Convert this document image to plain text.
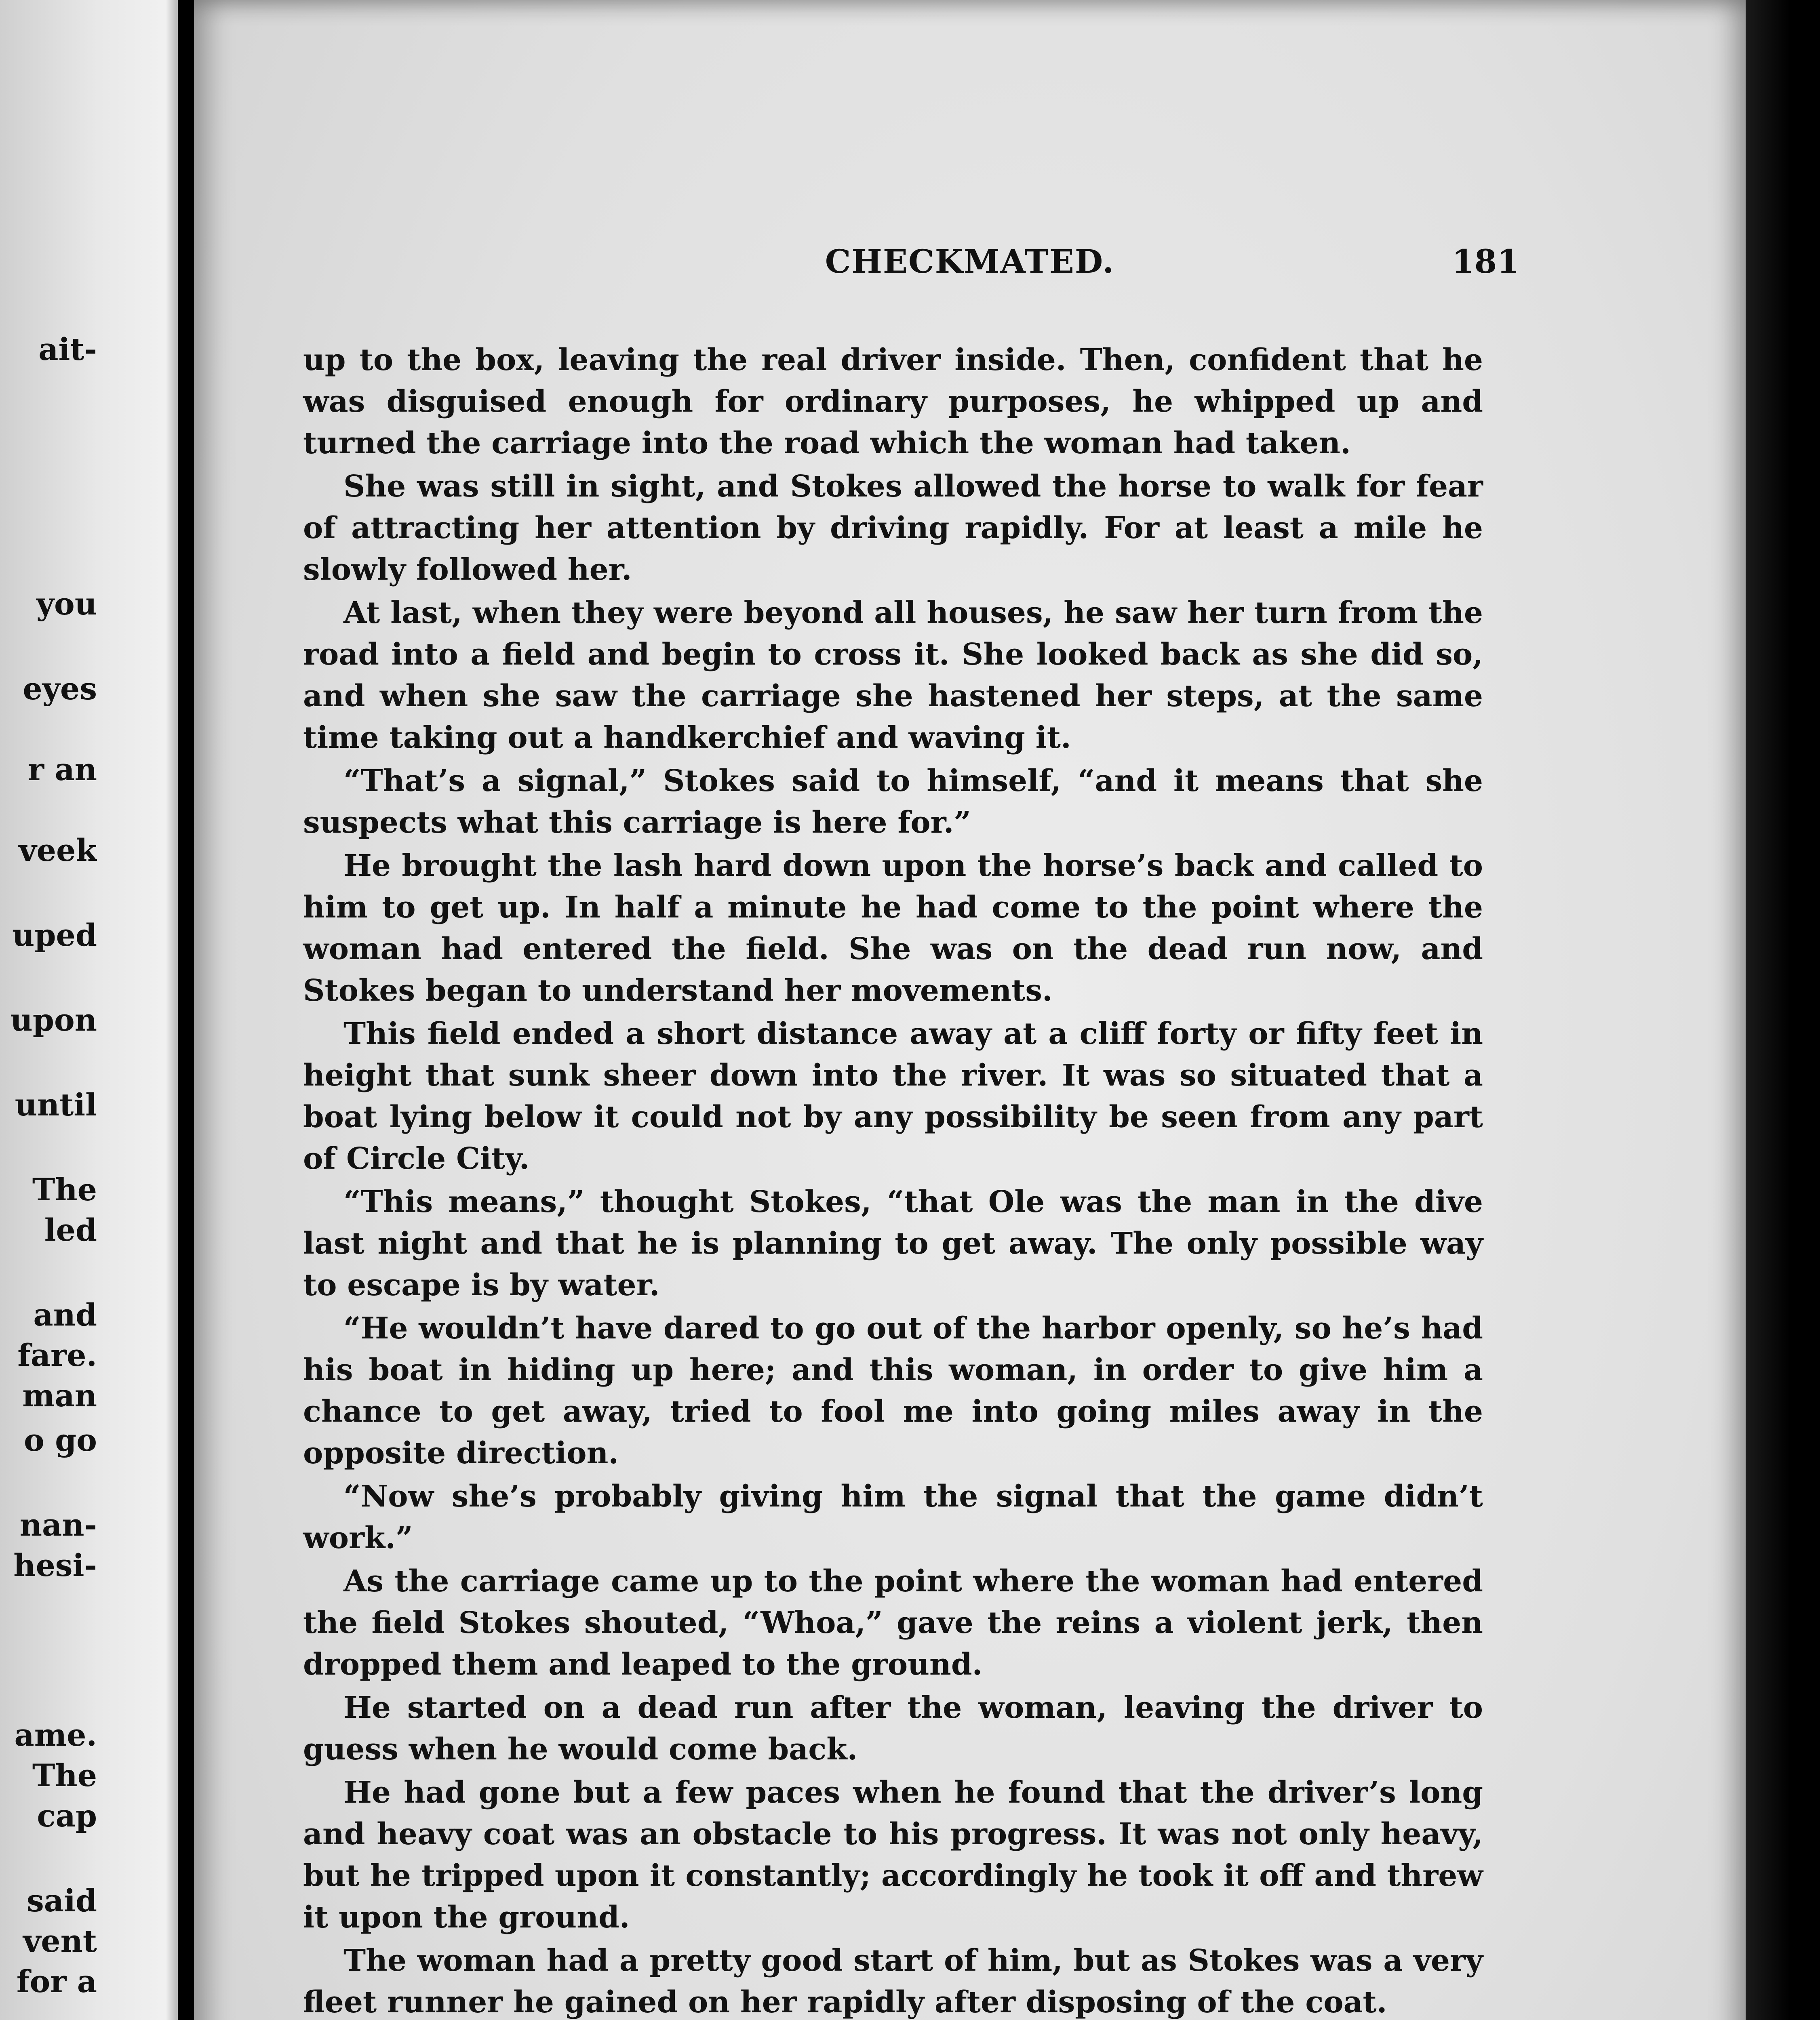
ait-
you
eyes
r an
veek
uped
upon
until
The
led
and
fare.
man
o go
nan-
hesi-
ame.
The
cap
said
vent
for a
CHECKMATED.	181

up to the box, leaving the real driver inside. Then, confident that he was disguised enough for ordinary purposes, he whipped up and turned the carriage into the road which the woman had taken.

She was still in sight, and Stokes allowed the horse to walk for fear of attracting her attention by driving rapidly. For at least a mile he slowly followed her.

At last, when they were beyond all houses, he saw her turn from the road into a field and begin to cross it. She looked back as she did so, and when she saw the carriage she hastened her steps, at the same time taking out a handkerchief and waving it.

“That’s a signal,” Stokes said to himself, “and it means that she suspects what this carriage is here for.”

He brought the lash hard down upon the horse’s back and called to him to get up. In half a minute he had come to the point where the woman had entered the field. She was on the dead run now, and Stokes began to understand her movements.

This field ended a short distance away at a cliff forty or fifty feet in height that sunk sheer down into the river. It was so situated that a boat lying below it could not by any possibility be seen from any part of Circle City.

“This means,” thought Stokes, “that Ole was the man in the dive last night and that he is planning to get away. The only possible way to escape is by water.

“He wouldn’t have dared to go out of the harbor openly, so he’s had his boat in hiding up here; and this woman, in order to give him a chance to get away, tried to fool me into going miles away in the opposite direction.

“Now she’s probably giving him the signal that the game didn’t work.”

As the carriage came up to the point where the woman had entered the field Stokes shouted, “Whoa,” gave the reins a violent jerk, then dropped them and leaped to the ground.

He started on a dead run after the woman, leaving the driver to guess when he would come back.

He had gone but a few paces when he found that the driver’s long and heavy coat was an obstacle to his progress. It was not only heavy, but he tripped upon it constantly; accordingly he took it off and threw it upon the ground.

The woman had a pretty good start of him, but as Stokes was a very fleet runner he gained on her rapidly after disposing of the coat.
